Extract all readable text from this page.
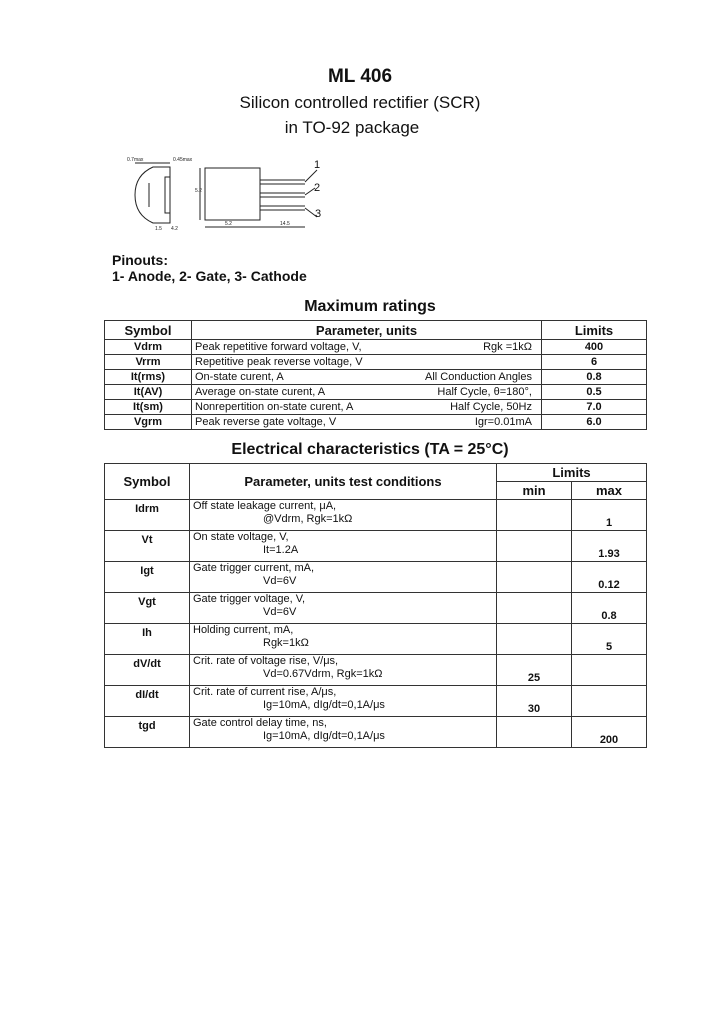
ML 406
Silicon controlled rectifier (SCR)
in TO-92 package
0.7max	0.45max
5.2
5.2	14.5
4.2
1.5
1
2
3
Pinouts:
1- Anode, 2- Gate, 3- Cathode
Maximum ratings
Symbol	Parameter, units	Limits
Vdrm	Peak repetitive forward voltage, V, Rgk =1kΩ	400
Vrrm	Repetitive peak reverse voltage, V	6
It(rms)	On-state curent, A All Conduction Angles	0.8
It(AV)	Average on-state curent, A Half Cycle, θ=180°,	0.5
It(sm)	Nonrepertition on-state curent, A Half Cycle, 50Hz	7.0
Vgrm	Peak reverse gate voltage, V Igr=0.01mA	6.0
Electrical characteristics (TA = 25°C)
Symbol	Parameter, units test conditions	Limits	
		min	max
Idrm	Off state leakage current, μA,
@Vdrm, Rgk=1kΩ		1
Vt	On state voltage, V,
It=1.2A		1.93
Igt	Gate trigger current, mA,
Vd=6V		0.12
Vgt	Gate trigger voltage, V,
Vd=6V		0.8
Ih	Holding current, mA,
Rgk=1kΩ		5
dV/dt	Crit. rate of voltage rise, V/μs,
Vd=0.67Vdrm, Rgk=1kΩ	25	
dI/dt	Crit. rate of current rise, A/μs,
Ig=10mA, dIg/dt=0,1A/μs	30	
tgd	Gate control delay time, ns,
Ig=10mA, dIg/dt=0,1A/μs		200
